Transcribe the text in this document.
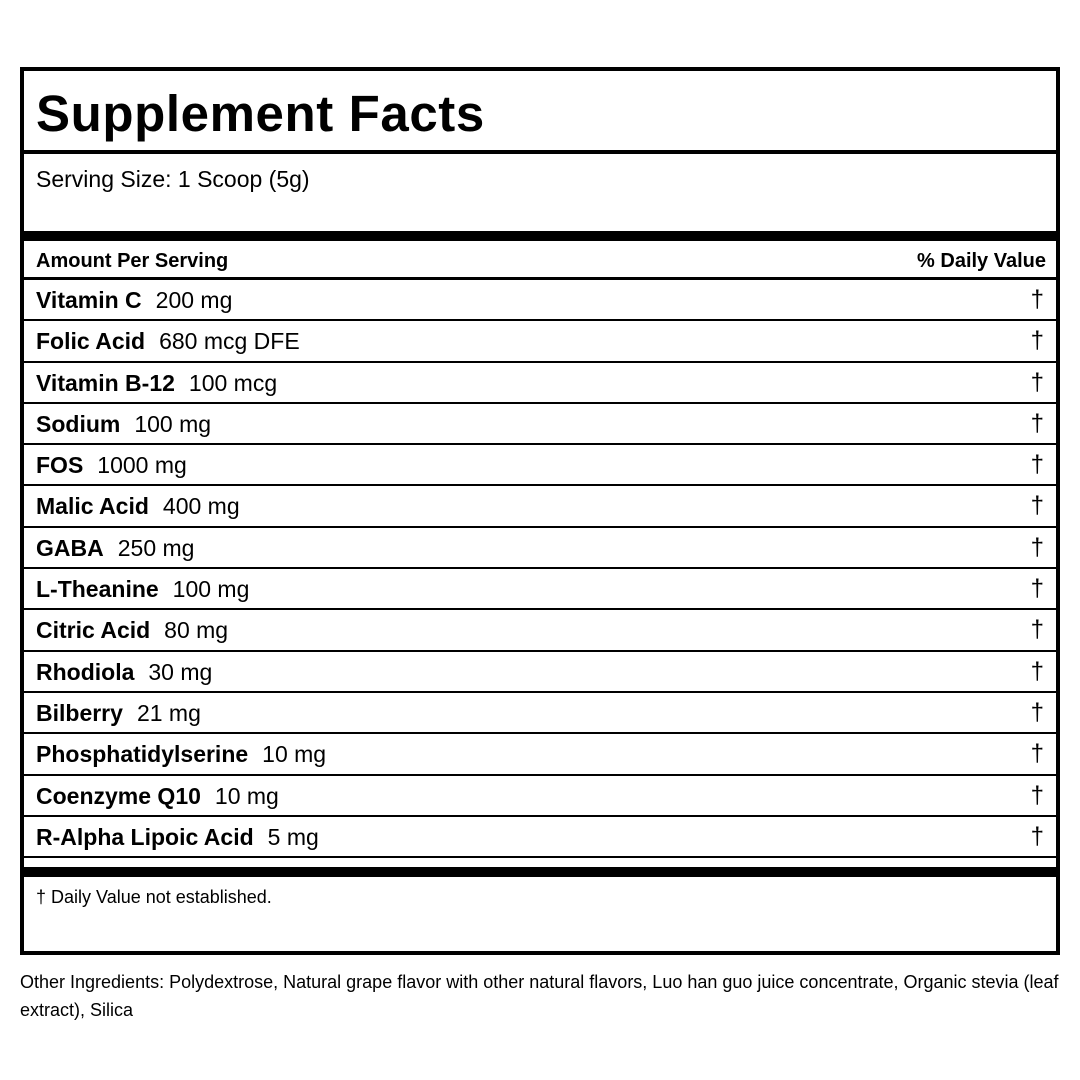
Supplement Facts
Serving Size: 1 Scoop (5g)
Amount Per Serving	% Daily Value
Vitamin C 200 mg	†
Folic Acid 680 mcg DFE	†
Vitamin B-12 100 mcg	†
Sodium 100 mg	†
FOS 1000 mg	†
Malic Acid 400 mg	†
GABA 250 mg	†
L-Theanine 100 mg	†
Citric Acid 80 mg	†
Rhodiola 30 mg	†
Bilberry 21 mg	†
Phosphatidylserine 10 mg	†
Coenzyme Q10 10 mg	†
R-Alpha Lipoic Acid 5 mg	†
† Daily Value not established.
Other Ingredients: Polydextrose, Natural grape flavor with other natural flavors, Luo han guo juice concentrate, Organic stevia (leaf extract), Silica
